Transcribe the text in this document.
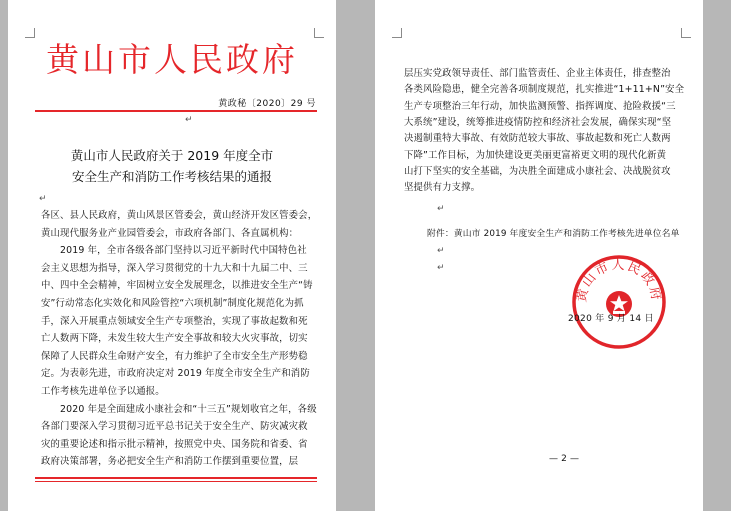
黄山市人民政府
黄政秘〔2020〕29 号
↵
黄山市人民政府关于 2019 年度全市
安全生产和消防工作考核结果的通报
↵
各区、县人民政府，黄山风景区管委会，黄山经济开发区管委会，
黄山现代服务业产业园管委会，市政府各部门、各直属机构：
　　2019 年，全市各级各部门坚持以习近平新时代中国特色社
会主义思想为指导，深入学习贯彻党的十九大和十九届二中、三
中、四中全会精神，牢固树立安全发展理念，以推进安全生产“铸
安”行动常态化实效化和风险管控“六项机制”制度化规范化为抓
手，深入开展重点领域安全生产专项整治，实现了事故起数和死
亡人数两下降，未发生较大生产安全事故和较大火灾事故，切实
保障了人民群众生命财产安全，有力维护了全市安全生产形势稳
定。为表彰先进，市政府决定对 2019 年度全市安全生产和消防
工作考核先进单位予以通报。
　　2020 年是全面建成小康社会和“十三五”规划收官之年，各级
各部门要深入学习贯彻习近平总书记关于安全生产、防灾减灾救
灾的重要论述和指示批示精神，按照党中央、国务院和省委、省
政府决策部署，务必把安全生产和消防工作摆到重要位置，层
层压实党政领导责任、部门监管责任、企业主体责任，排查整治
各类风险隐患，健全完善各项制度规范，扎实推进“1+11+N”安全
生产专项整治三年行动，加快监测预警、指挥调度、抢险救援“三
大系统”建设，统筹推进疫情防控和经济社会发展，确保实现“坚
决遏制重特大事故、有效防范较大事故、事故起数和死亡人数两
下降”工作目标，为加快建设更美丽更富裕更文明的现代化新黄
山打下坚实的安全基础，为决胜全面建成小康社会、决战脱贫攻
坚提供有力支撑。
↵
附件：黄山市 2019 年度安全生产和消防工作考核先进单位名单
↵
↵
— 2 —
黄山市人民政府
2020 年 9 月 14 日
